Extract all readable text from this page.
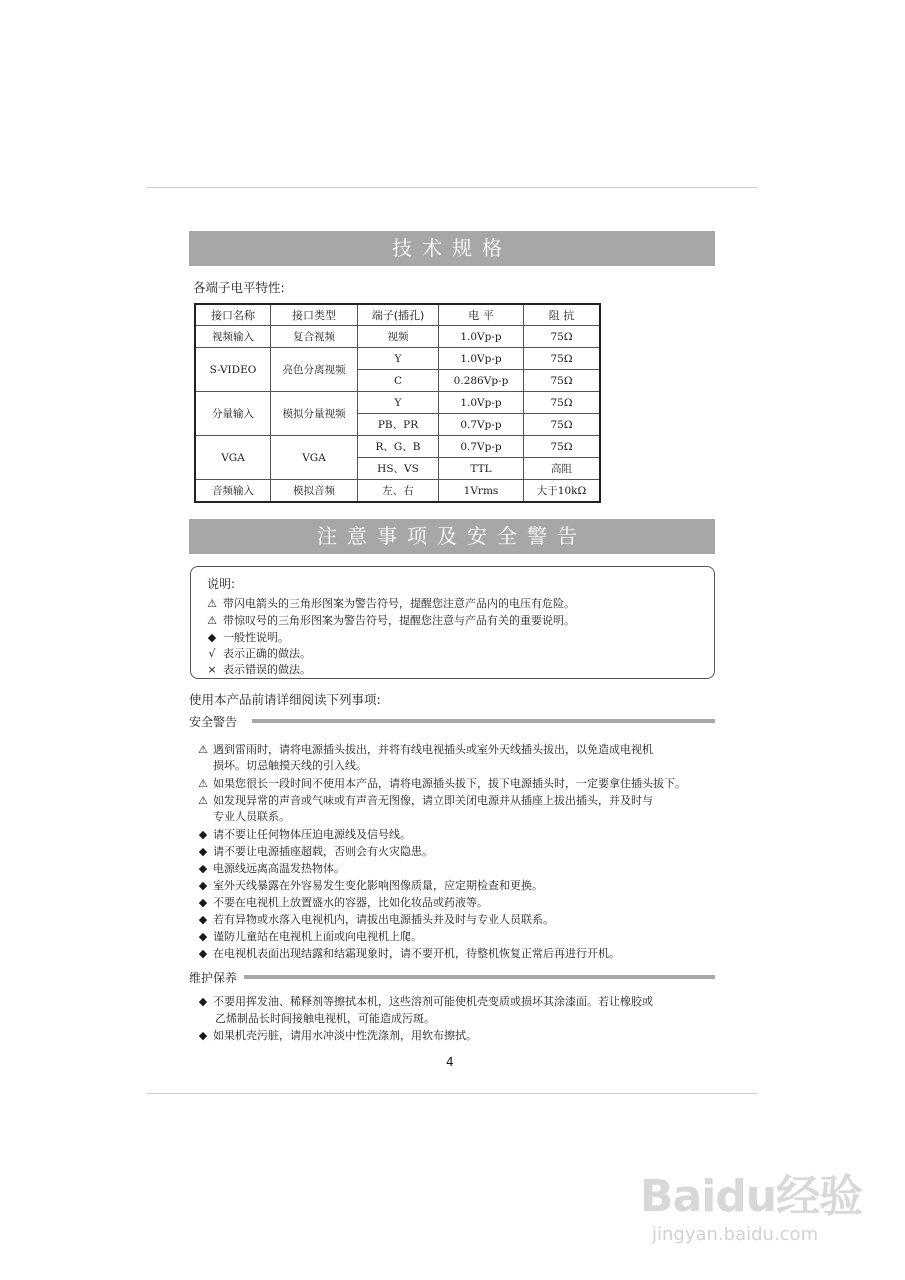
技术规格
各端子电平特性:
接口名称	接口类型	端子(插孔)	电 平	阻 抗
视频输入	复合视频	视频	1.0Vp-p	75Ω
S-VIDEO	亮色分离视频	Y	1.0Vp-p	75Ω
		C	0.286Vp-p	75Ω
分量输入	模拟分量视频	Y	1.0Vp-p	75Ω
		PB、PR	0.7Vp-p	75Ω
VGA	VGA	R、G、B	0.7Vp-p	75Ω
		HS、VS	TTL	高阻
音频输入	模拟音频	左、右	1Vrms	大于10kΩ
注意事项及安全警告
说明:
⚠ 带闪电箭头的三角形图案为警告符号，提醒您注意产品内的电压有危险。
⚠ 带惊叹号的三角形图案为警告符号，提醒您注意与产品有关的重要说明。
◆ 一般性说明。
√ 表示正确的做法。
× 表示错误的做法。
使用本产品前请详细阅读下列事项:
安全警告
⚠ 遇到雷雨时，请将电源插头拔出，并将有线电视插头或室外天线插头拔出，以免造成电视机
损坏。切忌触摸天线的引入线。
⚠ 如果您很长一段时间不使用本产品，请将电源插头拔下，拔下电源插头时，一定要拿住插头拔下。
⚠ 如发现异常的声音或气味或有声音无图像，请立即关闭电源并从插座上拔出插头，并及时与
专业人员联系。
◆ 请不要让任何物体压迫电源线及信号线。
◆ 请不要让电源插座超载，否则会有火灾隐患。
◆ 电源线远离高温发热物体。
◆ 室外天线暴露在外容易发生变化影响图像质量，应定期检查和更换。
◆ 不要在电视机上放置盛水的容器，比如化妆品或药液等。
◆ 若有异物或水落入电视机内，请拔出电源插头并及时与专业人员联系。
◆ 谨防儿童站在电视机上面或向电视机上爬。
◆ 在电视机表面出现结露和结霜现象时，请不要开机，待整机恢复正常后再进行开机。
维护保养
◆ 不要用挥发油、稀释剂等擦拭本机，这些溶剂可能使机壳变质或损坏其涂漆面。若让橡胶或
乙烯制品长时间接触电视机，可能造成污斑。
◆ 如果机壳污脏，请用水冲淡中性洗涤剂，用软布擦拭。
4
Baidu经验
jingyan.baidu.com
